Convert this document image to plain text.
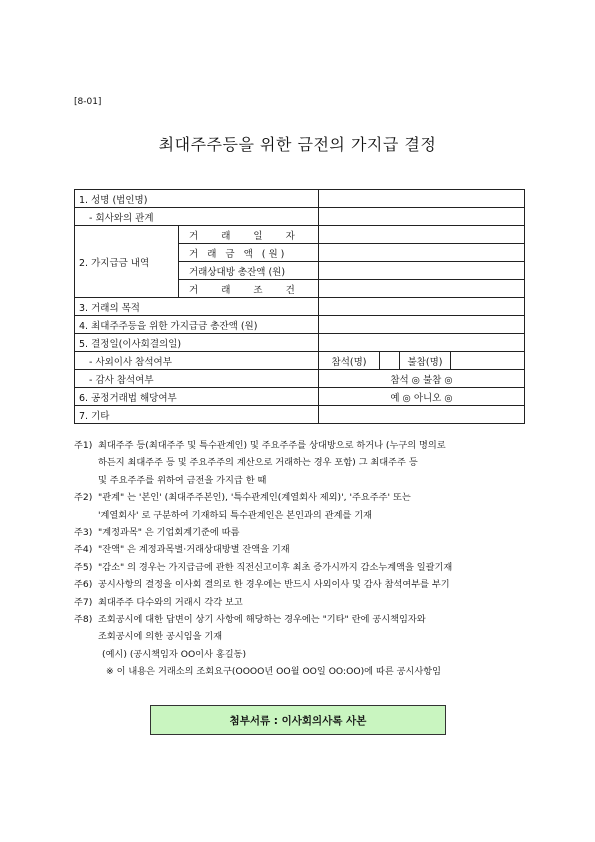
[8-01]
최대주주등을 위한 금전의 가지급 결정
1. 성명 (법인명)					
- 회사와의 관계					
2. 가지급금 내역	거 래 일 자				
	거 래 금 액 (원)				
	거래상대방 총잔액 (원)				
	거 래 조 건				
3. 거래의 목적					
4. 최대주주등을 위한 가지급금 총잔액 (원)					
5. 결정일(이사회결의일)					
- 사외이사 참석여부		참석(명)		불참(명)	
- 감사 참석여부		참석 ◎ 불참 ◎			
6. 공정거래법 해당여부		예 ◎ 아니오 ◎			
7. 기타					
주1) 최대주주 등(최대주주 및 특수관계인) 및 주요주주를 상대방으로 하거나 (누구의 명의로
하든지 최대주주 등 및 주요주주의 계산으로 거래하는 경우 포함) 그 최대주주 등
및 주요주주를 위하여 금전을 가지급 한 때
주2) "관계" 는 '본인' (최대주주본인), '특수관계인(계열회사 제외)', '주요주주' 또는
'계열회사' 로 구분하여 기재하되 특수관계인은 본인과의 관계를 기재
주3) "계정과목" 은 기업회계기준에 따름
주4) "잔액" 은 계정과목별·거래상대방별 잔액을 기재
주5) "감소" 의 경우는 가지급금에 관한 직전신고이후 최초 증가시까지 감소누계액을 일괄기재
주6) 공시사항의 결정을 이사회 결의로 한 경우에는 반드시 사외이사 및 감사 참석여부를 부기
주7) 최대주주 다수와의 거래시 각각 보고
주8) 조회공시에 대한 답변이 상기 사항에 해당하는 경우에는 "기타" 란에 공시책임자와
조회공시에 의한 공시임을 기재
(예시) (공시책임자 OO이사 홍길동)
※ 이 내용은 거래소의 조회요구(OOOO년 OO월 OO일 OO:OO)에 따른 공시사항임
첨부서류 : 이사회의사록 사본
